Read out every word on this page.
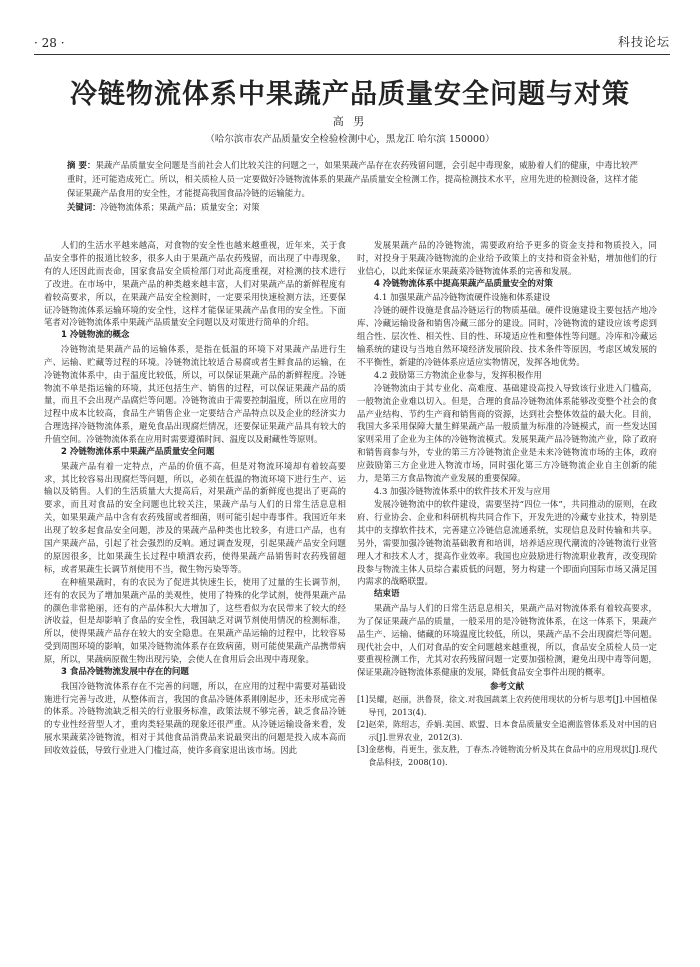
· 28 ·	科技论坛
冷链物流体系中果蔬产品质量安全问题与对策
高 男
（哈尔滨市农产品质量安全检验检测中心，黑龙江 哈尔滨 150000）
摘 要：果蔬产品质量安全问题是当前社会人们比较关注的问题之一，如果果蔬产品存在农药残留问题，会引起中毒现象，威胁着人们的健康，中毒比较严重时，还可能造成死亡。所以，相关质检人员一定要做好冷链物流体系的果蔬产品质量安全检测工作，提高检测技术水平，应用先进的检测设备，这样才能保证果蔬产品食用的安全性，才能提高我国食品冷链的运输能力。
关键词：冷链物流体系；果蔬产品；质量安全；对策

人们的生活水平越来越高，对食物的安全性也越来越重视，近年来，关于食品安全事件的报道比较多，很多人由于果蔬产品农药残留，而出现了中毒现象，有的人还因此而丧命，国家食品安全质检部门对此高度重视，对检测的技术进行了改进。在市场中，果蔬产品的种类越来越丰富，人们对果蔬产品的新鲜程度有着较高要求，所以，在果蔬产品安全检测时，一定要采用快速检测方法，还要保证冷链物流体系运输环境的安全性，这样才能保证果蔬产品食用的安全性。下面笔者对冷链物流体系中果蔬产品质量安全问题以及对策进行简单的介绍。

1 冷链物流的概念

冷链物流是果蔬产品的运输体系，是指在低温的环境下对果蔬产品进行生产、运输、贮藏等过程的环境。冷链物流比较适合易腐或者生鲜食品的运输，在冷链物流体系中，由于温度比较低，所以，可以保证果蔬产品的新鲜程度。冷链物流不单是指运输的环境，其还包括生产、销售的过程，可以保证果蔬产品的质量，而且不会出现产品腐烂等问题。冷链物流由于需要控制温度，所以在应用的过程中成本比较高，食品生产销售企业一定要结合产品特点以及企业的经济实力合理选择冷链物流体系，避免食品出现腐烂情况，还要保证果蔬产品具有较大的升值空间。冷链物流体系在应用时需要遵循时间、温度以及耐藏性等原则。

2 冷链物流体系中果蔬产品质量安全问题

果蔬产品有着一定特点，产品的价值不高，但是对物流环境却有着较高要求，其比较容易出现腐烂等问题，所以，必须在低温的物流环境下进行生产、运输以及销售。人们的生活质量大大提高后，对果蔬产品的新鲜度也提出了更高的要求，而且对食品的安全问题也比较关注，果蔬产品与人们的日常生活息息相关，如果果蔬产品中含有农药残留或者细菌，则可能引起中毒事件。我国近年来出现了较多起食品安全问题，涉及的果蔬产品种类也比较多，有进口产品，也有国产果蔬产品，引起了社会强烈的反响。通过调查发现，引起果蔬产品安全问题的原因很多，比如果蔬生长过程中喷洒农药，使得果蔬产品销售时农药残留超标，或者果蔬生长调节剂使用不当，微生物污染等等。

在种植果蔬时，有的农民为了促进其快速生长，使用了过量的生长调节剂，还有的农民为了增加果蔬产品的美观性，使用了特殊的化学试剂，使得果蔬产品的颜色非常艳丽，还有的产品体积大大增加了，这些看似为农民带来了较大的经济收益，但是却影响了食品的安全性，我国缺乏对调节剂使用情况的检测标准，所以，使得果蔬产品存在较大的安全隐患。在果蔬产品运输的过程中，比较容易受到周围环境的影响，如果冷链物流体系存在致病菌，则可能使果蔬产品携带病原，所以，果蔬病原微生物出现污染，会使人在食用后会出现中毒现象。

3 食品冷链物流发展中存在的问题

我国冷链物流体系存在不完善的问题，所以，在应用的过程中需要对基础设施进行完善与改进，从整体而言，我国的食品冷链体系刚刚起步，还未形成完善的体系。冷链物流缺乏相关的行业服务标准，政策法规不够完善，缺乏食品冷链的专业性经营型人才，重肉类轻果蔬的现象还很严重。从冷链运输设备来看，发展水果蔬菜冷链物流，相对于其他食品消费品来说最突出的问题是投入成本高而回收效益低，导致行业进入门槛过高，使许多商家退出该市场。因此

发展果蔬产品的冷链物流，需要政府给予更多的资金支持和物质投入，同时，对投身于果蔬冷链物流的企业给予政策上的支持和资金补贴，增加他们的行业信心，以此来保证水果蔬菜冷链物流体系的完善和发展。

4 冷链物流体系中提高果蔬产品质量安全的对策
4.1 加强果蔬产品冷链物流硬件设施和体系建设

冷链的硬件设施是食品冷链运行的物质基础。硬件设施建设主要包括产地冷库、冷藏运输设备和销售冷藏三部分的建设。同时，冷链物流的建设应该考虑到组合性、层次性、相关性、目的性、环境适应性和整体性等问题。冷库和冷藏运输系统的建设与当地自然环境经济发展阶段、技术条件等原因，考虑区域发展的不平衡性，新建的冷链体系应适应实物情况，发挥各地优势。

4.2 鼓励第三方物流企业参与，发挥积极作用

冷链物流由于其专业化、高难度、基础建设高投入导致该行业进入门槛高，一般物流企业难以切入。但是，合理的食品冷链物流体系能够改变整个社会的食品产业结构、节约生产商和销售商的资源，达到社会整体效益的最大化。目前，我国大多采用保障大量生鲜果蔬产品一般质量为标准的冷链模式，而一些发达国家则采用了企业为主体的冷链物流模式。发展果蔬产品冷链物流产业，除了政府和销售商参与外，专业的第三方冷链物流企业是未来冷链物流市场的主体，政府应鼓励第三方企业进入物流市场，同时强化第三方冷链物流企业自主创新的能力，是第三方食品物流产业发展的重要保障。

4.3 加强冷链物流体系中的软件技术开发与应用

发展冷链物流中的软件建设，需要坚持“四位一体”，共同推动的原则，在政府、行业协会、企业和科研机构共同合作下，开发先进的冷藏专业技术，特别是其中的支撑软件技术，完善建立冷链信息流通系统，实现信息及时传输和共享。另外，需要加强冷链物流基础教育和培训，培养适应现代潮流的冷链物流行业管理人才和技术人才，提高作业效率。我国也应鼓励进行物流职业教育，改变现阶段参与物流主体人员综合素质低的问题，努力构建一个即面向国际市场又满足国内需求的战略联盟。

结束语

果蔬产品与人们的日常生活息息相关，果蔬产品对物流体系有着较高要求，为了保证果蔬产品的质量，一般采用的是冷链物流体系，在这一体系下，果蔬产品生产、运输、储藏的环境温度比较低，所以，果蔬产品不会出现腐烂等问题。现代社会中，人们对食品的安全问题越来越重视，所以，食品安全质检人员一定要重视检测工作，尤其对农药残留问题一定要加强检测，避免出现中毒等问题，保证果蔬冷链物流体系健康的发展，降低食品安全事件出现的概率。

参考文献

[1]吴耀，赵丽，洪鲁贤，徐文.对我国蔬菜上农药使用现状的分析与思考[J].中国植保导刊，2013(4).

[2]赵荣，陈绍志，乔娟.美国、欧盟、日本食品质量安全追溯监管体系及对中国的启示[J].世界农业，2012(3).

[3]金慈梅，肖更生，张友胜，丁春杰.冷链物流分析及其在食品中的应用现状[J].现代食品科技，2008(10).
